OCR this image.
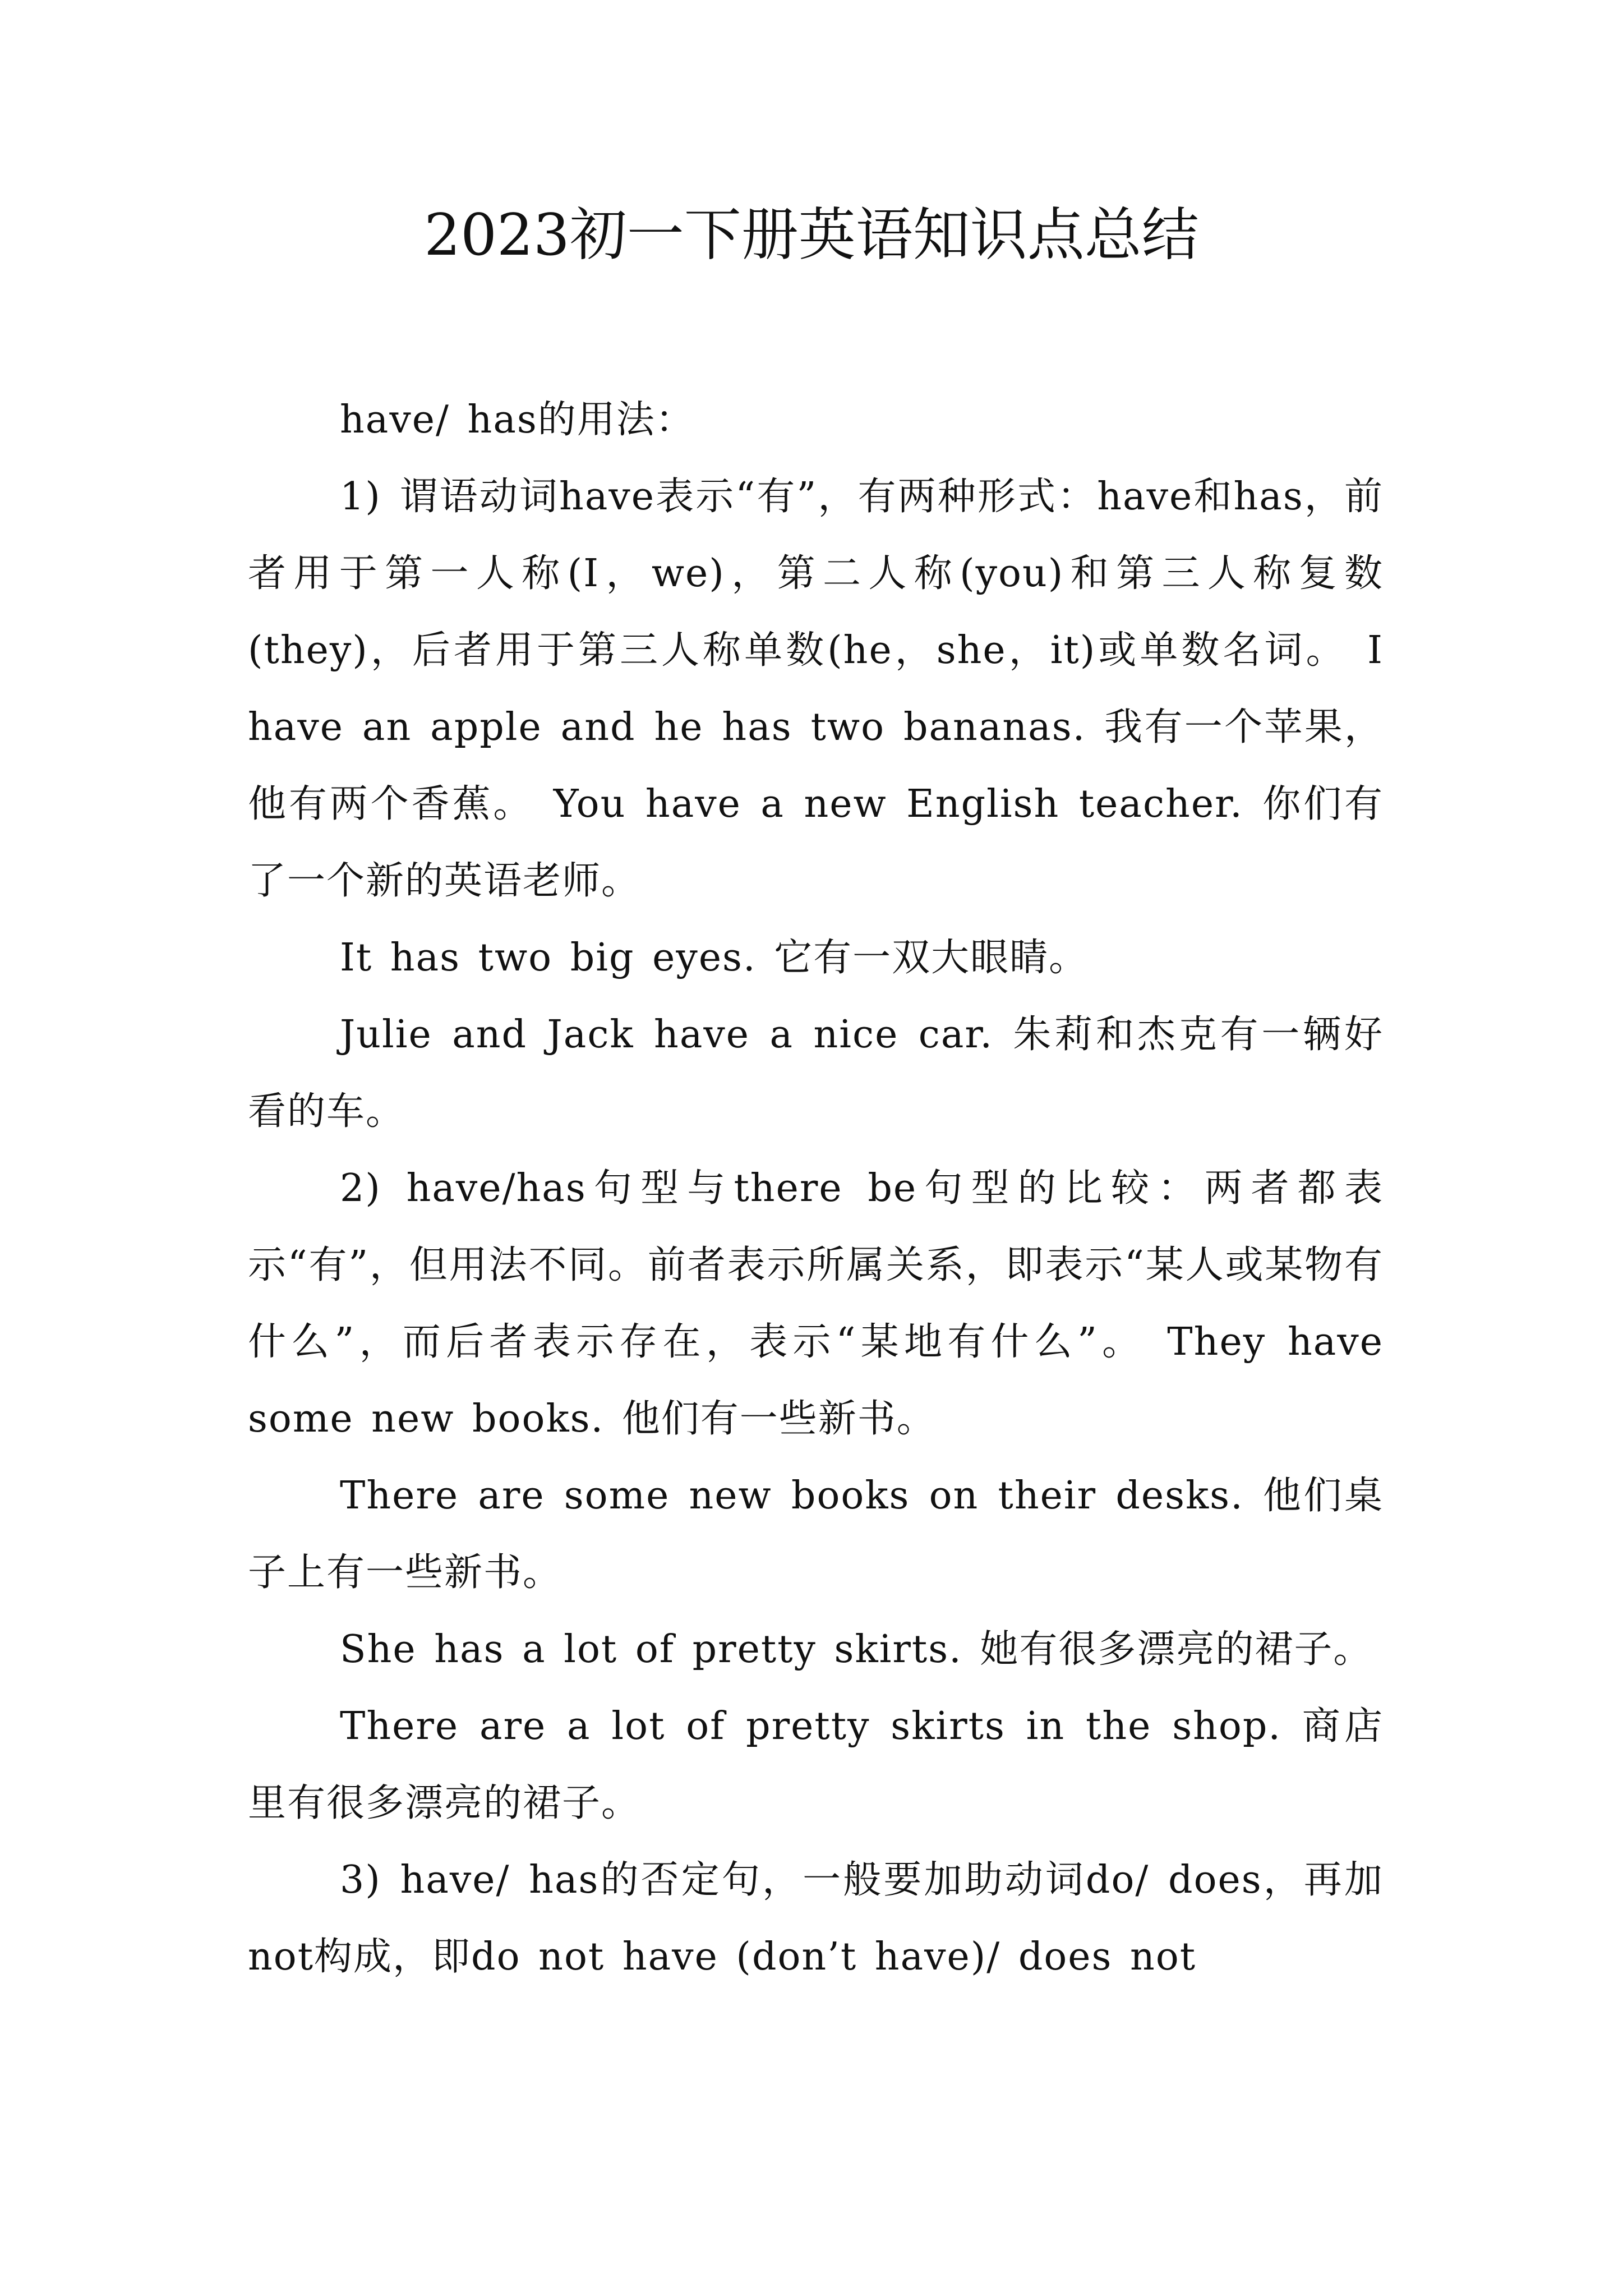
2023初一下册英语知识点总结

have/ has的用法：

1) 谓语动词have表示“有”，有两种形式：have和has，前者用于第一人称(I，we)，第二人称(you)和第三人称复数(they)，后者用于第三人称单数(he，she，it)或单数名词。 I have an apple and he has two bananas. 我有一个苹果，他有两个香蕉。 You have a new English teacher. 你们有了一个新的英语老师。

It has two big eyes. 它有一双大眼睛。

Julie and Jack have a nice car. 朱莉和杰克有一辆好看的车。

2) have/has句型与there be句型的比较：两者都表示“有”，但用法不同。前者表示所属关系，即表示“某人或某物有什么”，而后者表示存在，表示“某地有什么”。 They have some new books. 他们有一些新书。

There are some new books on their desks. 他们桌子上有一些新书。

She has a lot of pretty skirts. 她有很多漂亮的裙子。

There are a lot of pretty skirts in the shop. 商店里有很多漂亮的裙子。

3) have/ has的否定句，一般要加助动词do/ does，再加not构成，即do not have (don’t have)/ does not
